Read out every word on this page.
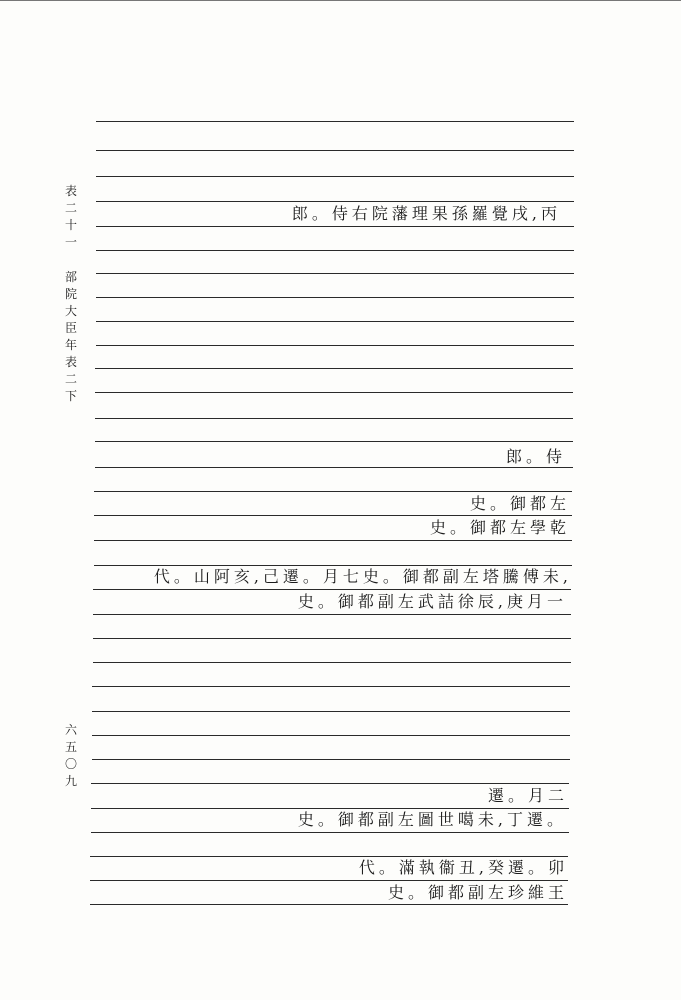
表
二
十
一
部
院
大
臣
年
表
二
下
六
五
〇
九
郎。侍右院藩理果孫羅覺戌,丙
郎。侍
史。御都左
史。御都左學乾
代。山阿亥,己遷。月七史。御都副左塔騰傅未,
史。御都副左武詰徐辰,庚月一
遷。月二
史。御都副左圖世噶未,丁遷。
代。滿執衞丑,癸遷。卯
史。御都副左珍維王
